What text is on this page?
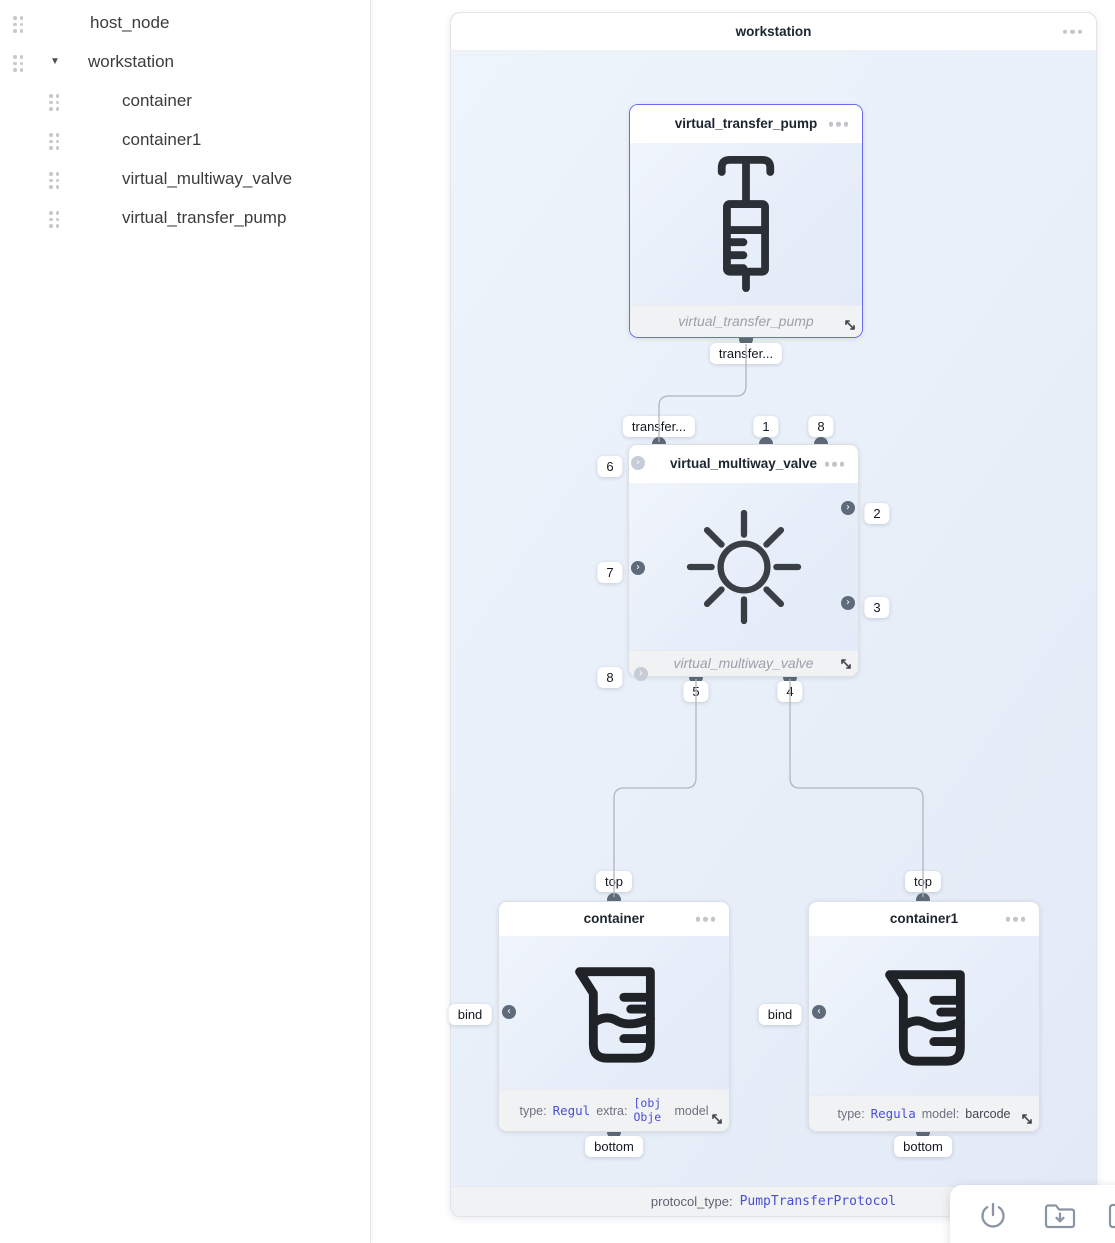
host_node
▼ workstation
container
container1
virtual_multiway_valve
virtual_transfer_pump
workstation
virtual_transfer_pump
virtual_transfer_pump
virtual_multiway_valve
virtual_multiway_valve
container
type: Regul extra:
[obj Obje	model
container1
type: Regula model: barcode
›
›
›
›
›
‹	‹
transfer...
transfer...	1	8
6
7
8
2
3
5	4
top
bind
bottom
top
bind
bottom
protocol_type: PumpTransferProtocol
